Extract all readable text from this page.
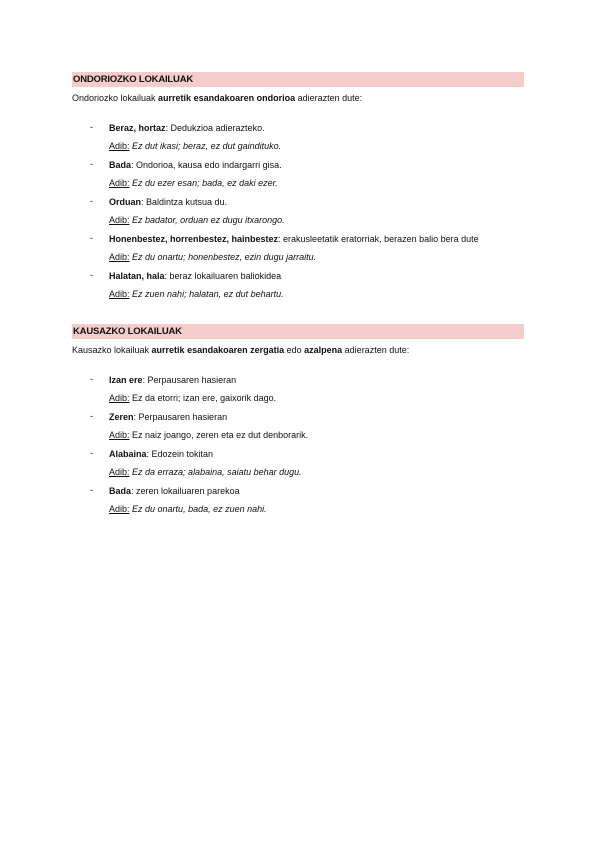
ONDORIOZKO LOKAILUAK
Ondoriozko lokailuak aurretik esandakoaren ondorioa adierazten dute:
- Beraz, hortaz: Dedukzioa adierazteko.
Adib: Ez dut ikasi; beraz, ez dut gaindituko.
- Bada: Ondorioa, kausa edo indargarri gisa.
Adib: Ez du ezer esan; bada, ez daki ezer.
- Orduan: Baldintza kutsua du.
Adib: Ez badator, orduan ez dugu itxarongo.
- Honenbestez, horrenbestez, hainbestez: erakusleetatik eratorriak, berazen balio bera dute
Adib: Ez du onartu; honenbestez, ezin dugu jarraitu.
- Halatan, hala: beraz lokailuaren baliokidea
Adib: Ez zuen nahi; halatan, ez dut behartu.
KAUSAZKO LOKAILUAK
Kausazko lokailuak aurretik esandakoaren zergatia edo azalpena adierazten dute:
- Izan ere: Perpausaren hasieran
Adib: Ez da etorri; izan ere, gaixorik dago.
- Zeren: Perpausaren hasieran
Adib: Ez naiz joango, zeren eta ez dut denborarik.
- Alabaina: Edozein tokitan
Adib: Ez da erraza; alabaina, saiatu behar dugu.
- Bada: zeren lokailuaren parekoa
Adib: Ez du onartu, bada, ez zuen nahi.
